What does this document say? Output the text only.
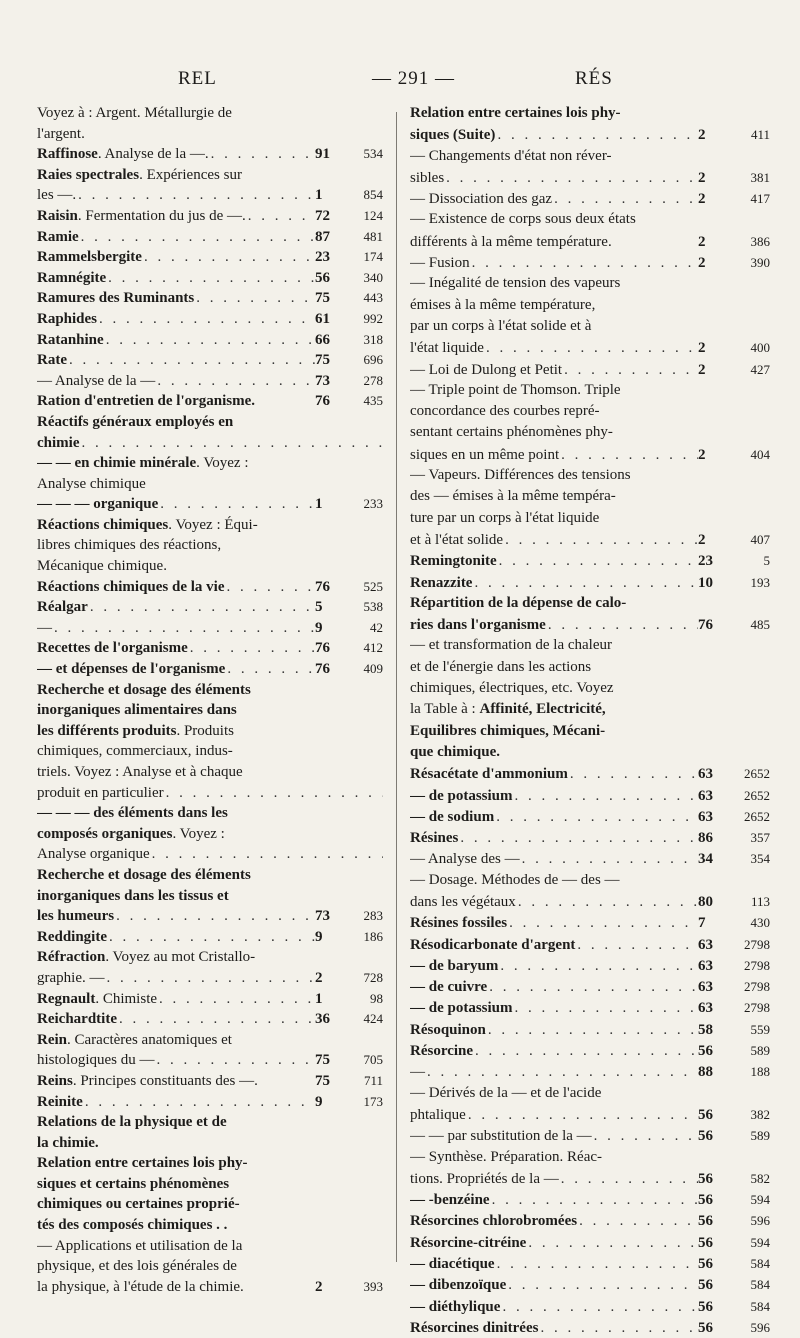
REL	— 291 —	RÉS
Voyez à : Argent. Métallurgie de
l'argent.
Raffinose. Analyse de la —. . . .	91	534
Raies spectrales. Expériences sur
les —. . . .	1	854
Raisin. Fermentation du jus de —. . . .	72	124
Ramie . . .	87	481
Rammelsbergite . . .	23	174
Ramnégite . . .	56	340
Ramures des Ruminants . . .	75	443
Raphides . . .	61	992
Ratanhine . . .	66	318
Rate . . .	75	696
— Analyse de la — . . .	73	278
Ration d'entretien de l'organisme.	76	435
Réactifs généraux employés en
chimie
. . .
— — en chimie minérale. Voyez :
Analyse chimique
— — — organique . . .	1	233
Réactions chimiques. Voyez : Équi-
libres chimiques des réactions,
Mécanique chimique.
Réactions chimiques de la vie . . .	76	525
Réalgar . . .	5	538
— . . .	9	42
Recettes de l'organisme . . .	76	412
— et dépenses de l'organisme . . .	76	409
Recherche et dosage des éléments
inorganiques alimentaires dans
les différents produits. Produits
chimiques, commerciaux, indus-
triels. Voyez : Analyse et à chaque
produit en particulier
. . .
— — — des éléments dans les
composés organiques. Voyez :
Analyse organique
. . .
Recherche et dosage des éléments
inorganiques dans les tissus et
les humeurs . . .	73	283
Reddingite . . .	9	186
Réfraction. Voyez au mot Cristallo-
graphie. — . . .	2	728
Regnault. Chimiste . . .	1	98
Reichardtite . . .	36	424
Rein. Caractères anatomiques et
histologiques du — . . .	75	705
Reins. Principes constituants des —.	75	711
Reinite . . .	9	173
Relations de la physique et de
la chimie.
Relation entre certaines lois phy-
siques et certains phénomènes
chimiques ou certaines proprié-
tés des composés chimiques . .
— Applications et utilisation de la
physique, et des lois générales de
la physique, à l'étude de la chimie.	2	393
Relation entre certaines lois phy-
siques (Suite) . . .	2	411
— Changements d'état non réver-
sibles . . .	2	381
— Dissociation des gaz . . .	2	417
— Existence de corps sous deux états
différents à la même température.	2	386
— Fusion . . .	2	390
— Inégalité de tension des vapeurs
émises à la même température,
par un corps à l'état solide et à
l'état liquide . . .	2	400
— Loi de Dulong et Petit . . .	2	427
— Triple point de Thomson. Triple
concordance des courbes repré-
sentant certains phénomènes phy-
siques en un même point . . .	2	404
— Vapeurs. Différences des tensions
des — émises à la même tempéra-
ture par un corps à l'état liquide
et à l'état solide . . .	2	407
Remingtonite . . .	23	5
Renazzite . . .	10	193
Répartition de la dépense de calo-
ries dans l'organisme . . .	76	485
— et transformation de la chaleur
et de l'énergie dans les actions
chimiques, électriques, etc. Voyez
la Table à : Affinité, Electricité,
Equilibres chimiques, Mécani-
que chimique.
Résacétate d'ammonium . . .	63	2652
— de potassium . . .	63	2652
— de sodium . . .	63	2652
Résines . . .	86	357
— Analyse des — . . .	34	354
— Dosage. Méthodes de — des —
dans les végétaux . . .	80	113
Résines fossiles . . .	7	430
Résodicarbonate d'argent . . .	63	2798
— de baryum . . .	63	2798
— de cuivre . . .	63	2798
— de potassium . . .	63	2798
Résoquinon . . .	58	559
Résorcine . . .	56	589
— . . .	88	188
— Dérivés de la — et de l'acide
phtalique . . .	56	382
— — par substitution de la — . . .	56	589
— Synthèse. Préparation. Réac-
tions. Propriétés de la — . . .	56	582
— -benzéine . . .	56	594
Résorcines chlorobromées . . .	56	596
Résorcine-citréine . . .	56	594
— diacétique . . .	56	584
— dibenzoïque . . .	56	584
— diéthylique . . .	56	584
Résorcines dinitrées . . .	56	596
